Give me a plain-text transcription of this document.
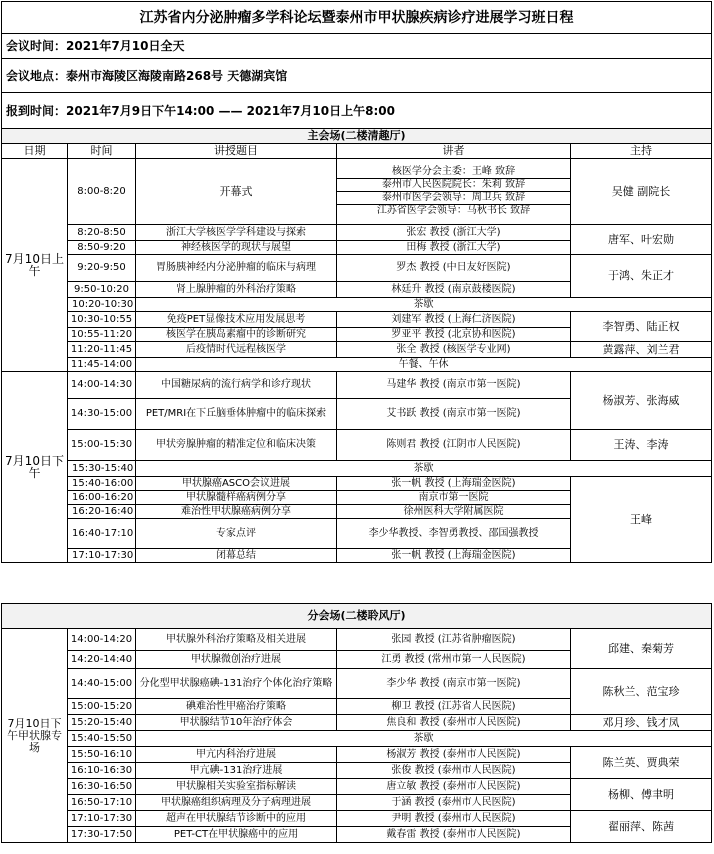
江苏省内分泌肿瘤多学科论坛暨泰州市甲状腺疾病诊疗进展学习班日程				
会议时间：2021年7月10日全天				
会议地点：泰州市海陵区海陵南路268号 天德湖宾馆				
报到时间：2021年7月9日下午14:00 —— 2021年7月10日上午8:00				
主会场(二楼清趣厅)				
日期	时间	讲授题目	讲者	主持
7月10日上午	8:00-8:20	开幕式	核医学分会主委：王峰 致辞
泰州市人民医院院长：朱莉 致辞
泰州市医学会领导：周卫兵 致辞
江苏省医学会领导：马秋书长 致辞	吴健 副院长
	8:20-8:50	浙江大学核医学学科建设与探索	张宏 教授 (浙江大学)	唐军、叶宏勋
	8:50-9:20	神经核医学的现状与展望	田梅 教授 (浙江大学)	
	9:20-9:50	胃肠胰神经内分泌肿瘤的临床与病理	罗杰 教授 (中日友好医院)	于鸿、朱正才
	9:50-10:20	肾上腺肿瘤的外科治疗策略	林廷升 教授 (南京鼓楼医院)	
	10:20-10:30	茶歇		
	10:30-10:55	免疫PET显像技术应用发展思考	刘建军 教授 (上海仁济医院)	李智勇、陆正权
	10:55-11:20	核医学在胰岛素瘤中的诊断研究	罗亚平 教授 (北京协和医院)	
	11:20-11:45	后疫情时代远程核医学	张全 教授 (核医学专业网)	黄露萍、刘兰君
	11:45-14:00	午餐、午休		
7月10日下午	14:00-14:30	中国糖尿病的流行病学和诊疗现状	马建华 教授 (南京市第一医院)	杨淑芳、张海威
	14:30-15:00	PET/MRI在下丘脑垂体肿瘤中的临床探索	艾书跃 教授 (南京市第一医院)	
	15:00-15:30	甲状旁腺肿瘤的精准定位和临床决策	陈则君 教授 (江阴市人民医院)	王涛、李涛
	15:30-15:40	茶歇		
	15:40-16:00	甲状腺癌ASCO会议进展	张一帆 教授 (上海瑞金医院)	王峰
	16:00-16:20	甲状腺髓样癌病例分享	南京市第一医院	
	16:20-16:40	难治性甲状腺癌病例分享	徐州医科大学附属医院	
	16:40-17:10	专家点评	李少华教授、李智勇教授、邵国强教授	
	17:10-17:30	闭幕总结	张一帆 教授 (上海瑞金医院)	
分会场(二楼聆风厅)				
7月10日下午甲状腺专场	14:00-14:20	甲状腺外科治疗策略及相关进展	张园 教授 (江苏省肿瘤医院)	邱建、秦菊芳
	14:20-14:40	甲状腺微创治疗进展	江勇 教授 (常州市第一人民医院)	
	14:40-15:00	分化型甲状腺癌碘-131治疗个体化治疗策略	李少华 教授 (南京市第一医院)	陈秋兰、范宝珍
	15:00-15:20	碘难治性甲癌治疗策略	柳卫 教授 (江苏省人民医院)	
	15:20-15:40	甲状腺结节10年治疗体会	焦良和 教授 (泰州市人民医院)	邓月珍、钱才凤
	15:40-15:50	茶歇		
	15:50-16:10	甲亢内科治疗进展	杨淑芳 教授 (泰州市人民医院)	陈兰英、贾典荣
	16:10-16:30	甲亢碘-131治疗进展	张俊 教授 (泰州市人民医院)	
	16:30-16:50	甲状腺相关实验室指标解读	唐立敏 教授 (泰州市人民医院)	杨柳、傅聿明
	16:50-17:10	甲状腺癌组织病理及分子病理进展	于涵 教授 (泰州市人民医院)	
	17:10-17:30	超声在甲状腺结节诊断中的应用	尹明 教授 (泰州市人民医院)	翟丽萍、陈茜
	17:30-17:50	PET-CT在甲状腺癌中的应用	戴春雷 教授 (泰州市人民医院)	
